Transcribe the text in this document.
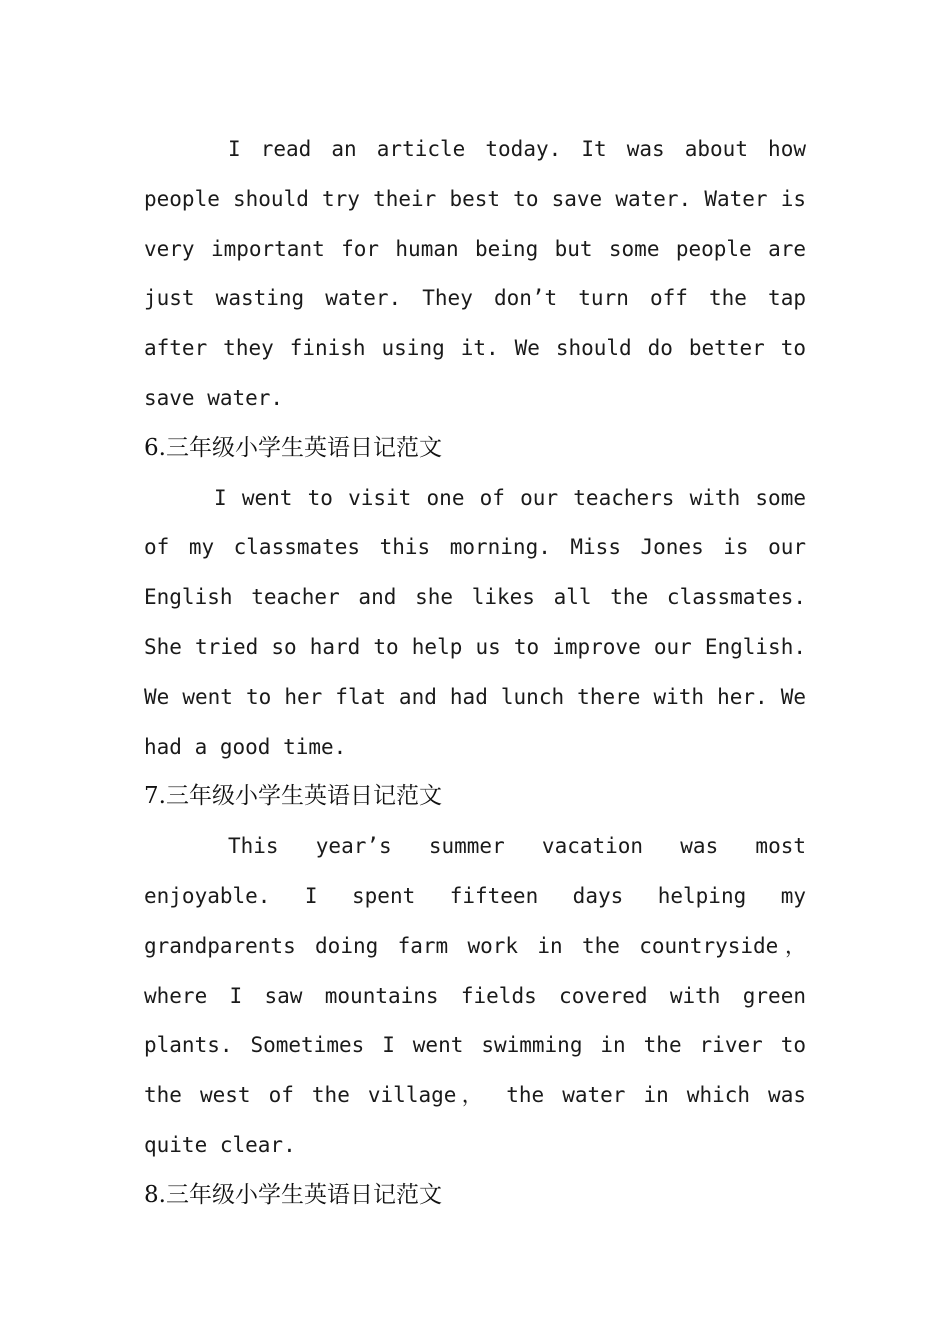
I read an article today. It was about how people should try their best to save water. Water is very important for human being but some people are just wasting water. They don’t turn off the tap after they finish using it. We should do better to save water.

6.三年级小学生英语日记范文

I went to visit one of our teachers with some of my classmates this morning. Miss Jones is our English teacher and she likes all the classmates. She tried so hard to help us to improve our English. We went to her flat and had lunch there with her. We had a good time.

7.三年级小学生英语日记范文

This year’s summer vacation was most enjoyable. I spent fifteen days helping my grandparents doing farm work in the countryside， where I saw mountains fields covered with green plants. Sometimes I went swimming in the river to the west of the village， the water in which was quite clear.

8.三年级小学生英语日记范文
